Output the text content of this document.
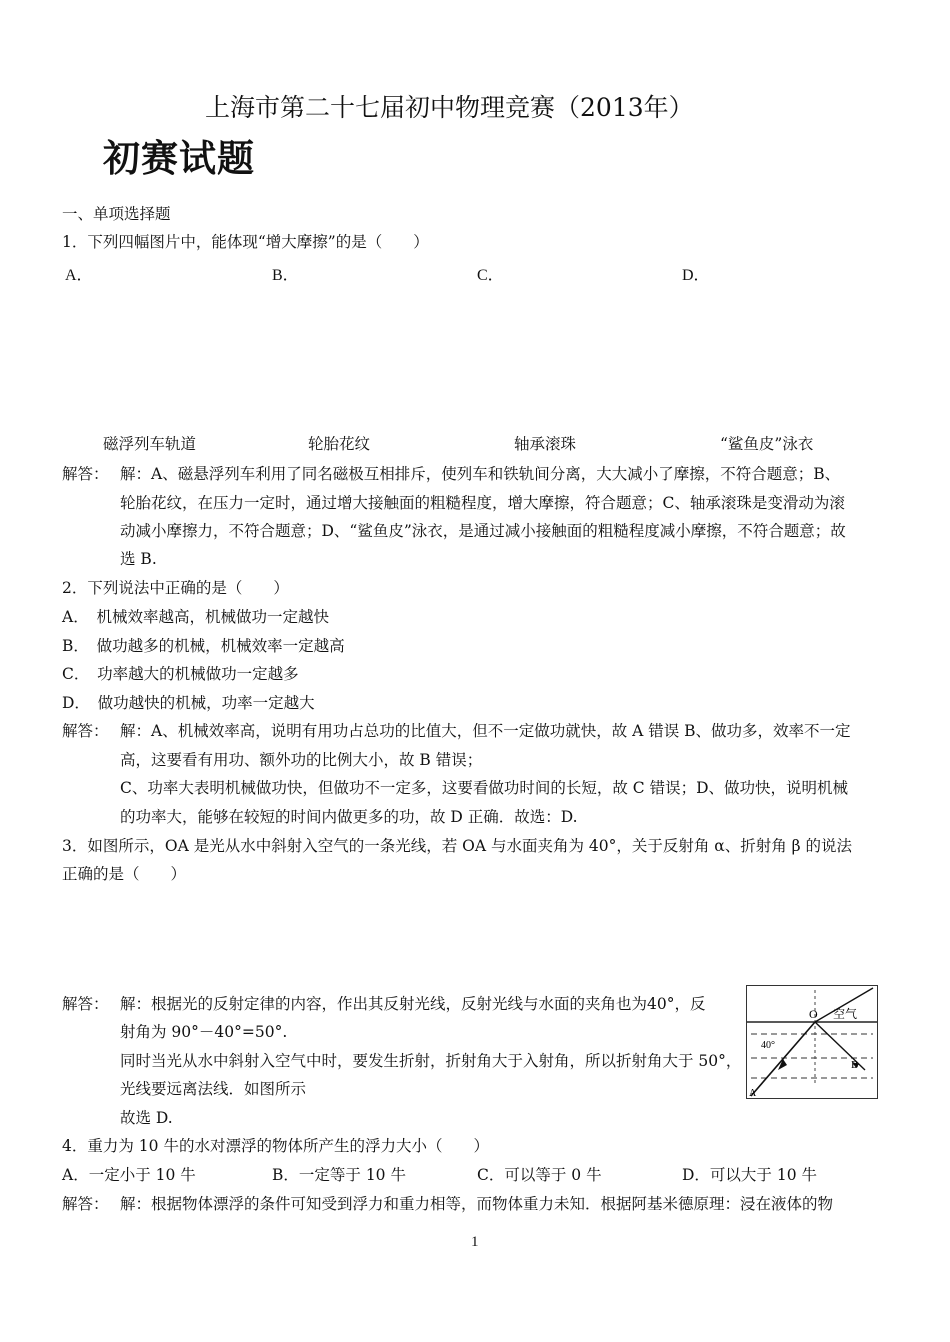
上海市第二十七届初中物理竞赛（2013年）
初赛试题
一、单项选择题
1．下列四幅图片中，能体现“增大摩擦”的是（　　）
A．	B．	C．	D．
磁浮列车轨道	轮胎花纹	轴承滚珠	“鲨鱼皮”泳衣
解答： 解：A、磁悬浮列车利用了同名磁极互相排斥，使列车和铁轨间分离，大大减小了摩擦，不符合题意；B、
轮胎花纹，在压力一定时，通过增大接触面的粗糙程度，增大摩擦，符合题意；C、轴承滚珠是变滑动为滚
动减小摩擦力，不符合题意；D、“鲨鱼皮”泳衣，是通过减小接触面的粗糙程度减小摩擦，不符合题意；故
选 B.
2．下列说法中正确的是（　　）
A．　机械效率越高，机械做功一定越快
B．　做功越多的机械，机械效率一定越高
C．　功率越大的机械做功一定越多
D．　做功越快的机械，功率一定越大
解答： 解：A、机械效率高，说明有用功占总功的比值大，但不一定做功就快，故 A 错误 B、做功多，效率不一定
高，这要看有用功、额外功的比例大小，故 B 错误；
C、功率大表明机械做功快，但做功不一定多，这要看做功时间的长短，故 C 错误；D、做功快，说明机械
的功率大，能够在较短的时间内做更多的功，故 D 正确．故选：D.
3．如图所示，OA 是光从水中斜射入空气的一条光线，若 OA 与水面夹角为 40°，关于反射角 α、折射角 β 的说法
正确的是（　　）
解答： 解：根据光的反射定律的内容，作出其反射光线，反射光线与水面的夹角也为40°，反
射角为 90°－40°=50°.
同时当光从水中斜射入空气中时，要发生折射，折射角大于入射角，所以折射角大于 50°，
光线要远离法线．如图所示
故选 D.
O 空气
40°
B
A
4．重力为 10 牛的水对漂浮的物体所产生的浮力大小（　　）
A．一定小于 10 牛	B．一定等于 10 牛	C．可以等于 0 牛	D．可以大于 10 牛
解答： 解：根据物体漂浮的条件可知受到浮力和重力相等，而物体重力未知．根据阿基米德原理：浸在液体的物
1
